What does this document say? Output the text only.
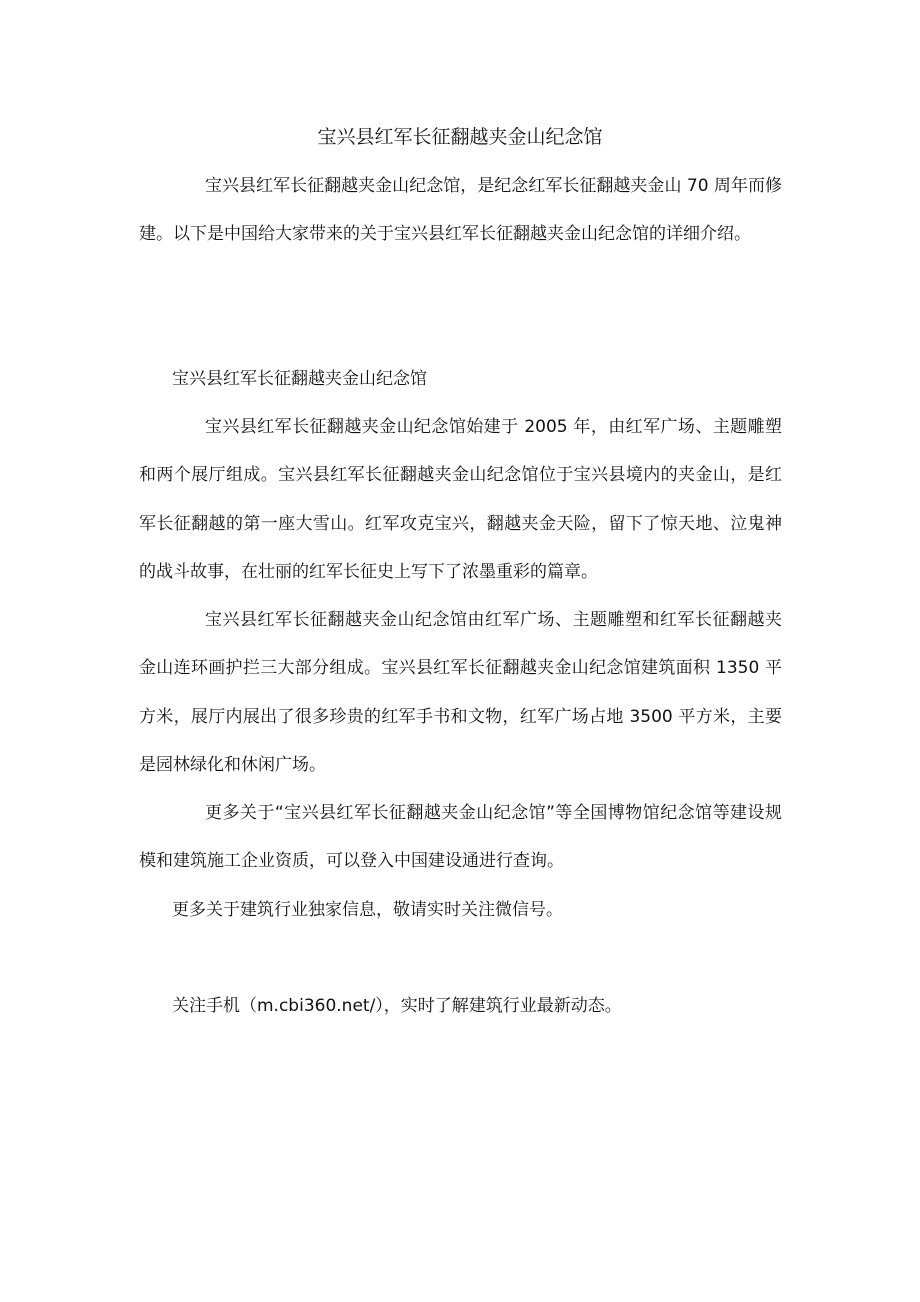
宝兴县红军长征翻越夹金山纪念馆

宝兴县红军长征翻越夹金山纪念馆，是纪念红军长征翻越夹金山 70 周年而修建。以下是中国给大家带来的关于宝兴县红军长征翻越夹金山纪念馆的详细介绍。

宝兴县红军长征翻越夹金山纪念馆

宝兴县红军长征翻越夹金山纪念馆始建于 2005 年，由红军广场、主题雕塑和两个展厅组成。宝兴县红军长征翻越夹金山纪念馆位于宝兴县境内的夹金山，是红军长征翻越的第一座大雪山。红军攻克宝兴，翻越夹金天险，留下了惊天地、泣鬼神的战斗故事，在壮丽的红军长征史上写下了浓墨重彩的篇章。

宝兴县红军长征翻越夹金山纪念馆由红军广场、主题雕塑和红军长征翻越夹金山连环画护拦三大部分组成。宝兴县红军长征翻越夹金山纪念馆建筑面积 1350 平方米，展厅内展出了很多珍贵的红军手书和文物，红军广场占地 3500 平方米，主要是园林绿化和休闲广场。

更多关于“宝兴县红军长征翻越夹金山纪念馆”等全国博物馆纪念馆等建设规模和建筑施工企业资质，可以登入中国建设通进行查询。

更多关于建筑行业独家信息，敬请实时关注微信号。

关注手机（m.cbi360.net/），实时了解建筑行业最新动态。
